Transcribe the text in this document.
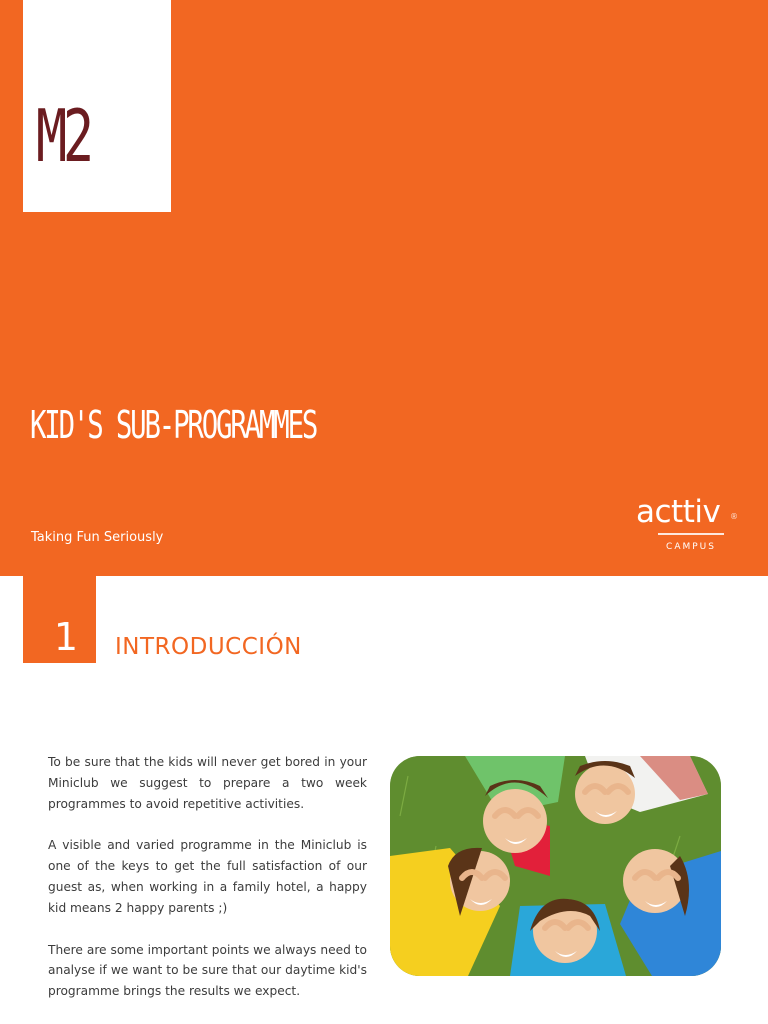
M2
KID'S SUB-PROGRAMMES
Taking Fun Seriously
acttiv ®
CAMPUS
1	INTRODUCCIÓN

To be sure that the kids will never get bored in your Miniclub we suggest to prepare a two week programmes to avoid repetitive activities.

A visible and varied programme in the Miniclub is one of the keys to get the full satisfaction of our guest as, when working in a family hotel, a happy kid means 2 happy parents ;)

There are some important points we always need to analyse if we want to be sure that our daytime kid's programme brings the results we expect.
